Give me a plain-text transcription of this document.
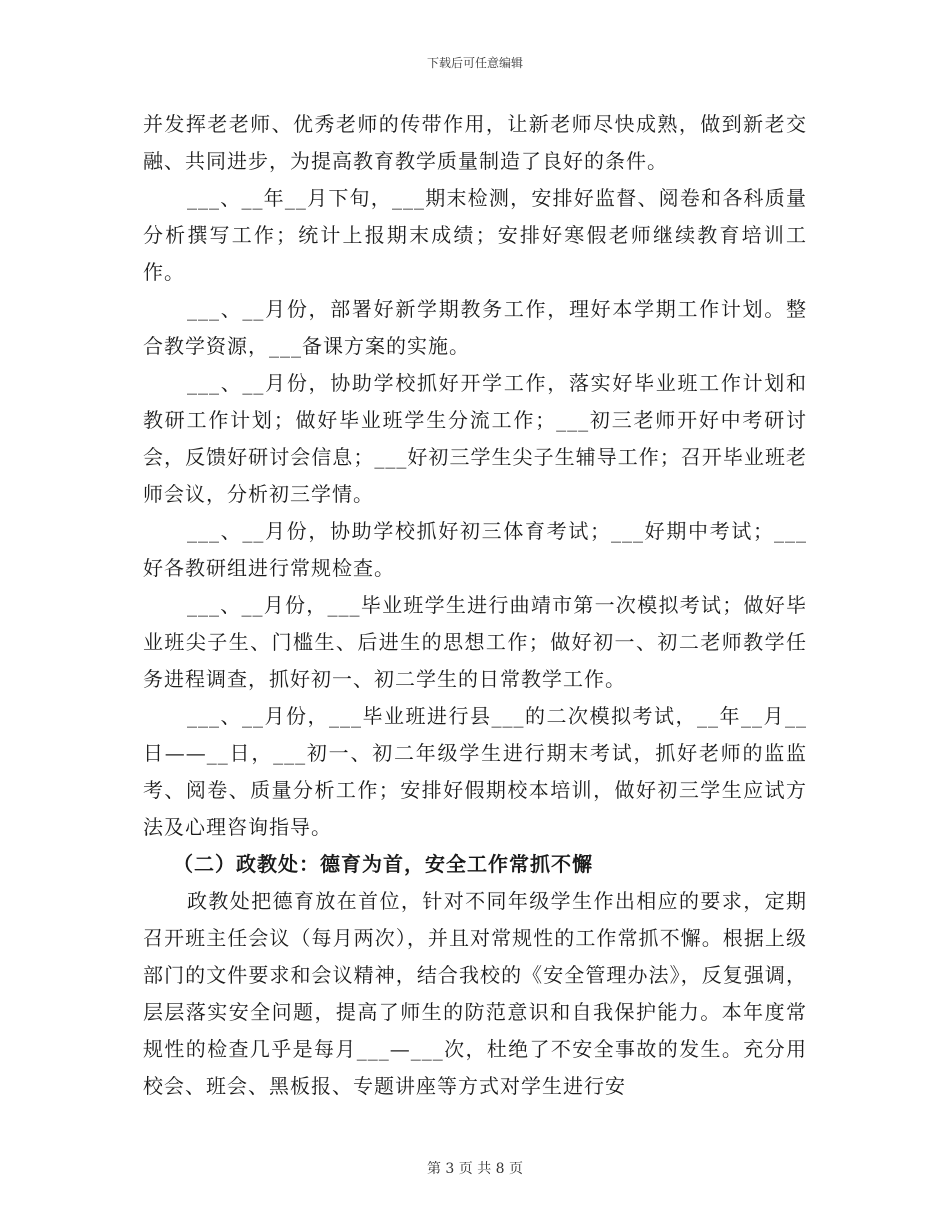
下载后可任意编辑

并发挥老老师、优秀老师的传带作用，让新老师尽快成熟，做到新老交融、共同进步，为提高教育教学质量制造了良好的条件。

___、__年__月下旬，___期末检测，安排好监督、阅卷和各科质量分析撰写工作；统计上报期末成绩；安排好寒假老师继续教育培训工作。

___、__月份，部署好新学期教务工作，理好本学期工作计划。整合教学资源，___备课方案的实施。

___、__月份，协助学校抓好开学工作，落实好毕业班工作计划和教研工作计划；做好毕业班学生分流工作；___初三老师开好中考研讨会，反馈好研讨会信息；___好初三学生尖子生辅导工作；召开毕业班老师会议，分析初三学情。

___、__月份，协助学校抓好初三体育考试；___好期中考试；___好各教研组进行常规检查。

___、__月份，___毕业班学生进行曲靖市第一次模拟考试；做好毕业班尖子生、门槛生、后进生的思想工作；做好初一、初二老师教学任务进程调查，抓好初一、初二学生的日常教学工作。

___、__月份，___毕业班进行县___的二次模拟考试，__年__月__日——__日，___初一、初二年级学生进行期末考试，抓好老师的监监考、阅卷、质量分析工作；安排好假期校本培训，做好初三学生应试方法及心理咨询指导。

（二）政教处：德育为首，安全工作常抓不懈

政教处把德育放在首位，针对不同年级学生作出相应的要求，定期召开班主任会议（每月两次），并且对常规性的工作常抓不懈。根据上级部门的文件要求和会议精神，结合我校的《安全管理办法》，反复强调，层层落实安全问题，提高了师生的防范意识和自我保护能力。本年度常规性的检查几乎是每月___—___次，杜绝了不安全事故的发生。充分用校会、班会、黑板报、专题讲座等方式对学生进行安

第 3 页 共 8 页
